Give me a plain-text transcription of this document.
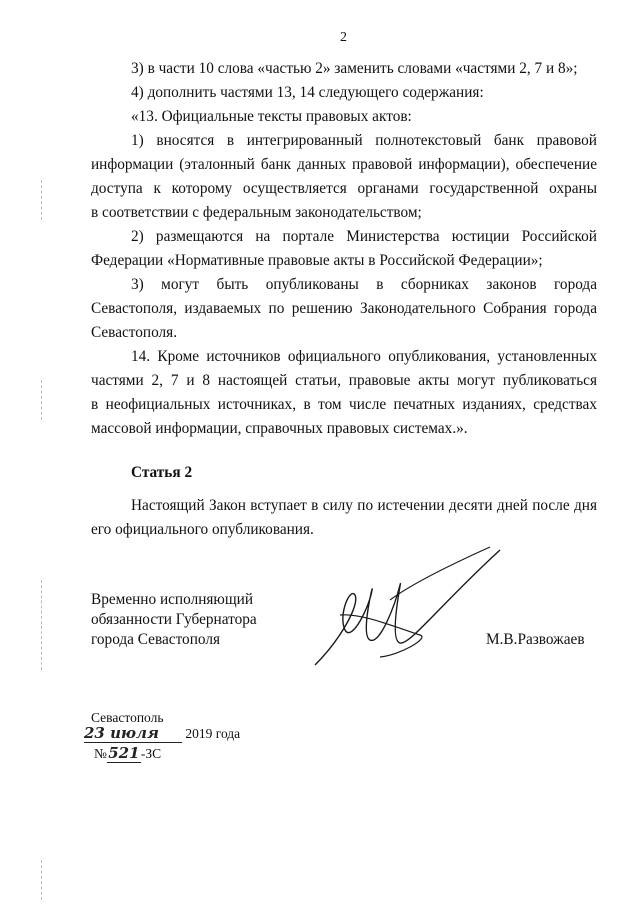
2
3) в части 10 слова «частью 2» заменить словами «частями 2, 7 и 8»;
4) дополнить частями 13, 14 следующего содержания:
«13. Официальные тексты правовых актов:
1) вносятся в интегрированный полнотекстовый банк правовой
информации (эталонный банк данных правовой информации), обеспечение
доступа к которому осуществляется органами государственной охраны
в соответствии с федеральным законодательством;
2) размещаются на портале Министерства юстиции Российской
Федерации «Нормативные правовые акты в Российской Федерации»;
3) могут быть опубликованы в сборниках законов города
Севастополя, издаваемых по решению Законодательного Собрания города
Севастополя.
14. Кроме источников официального опубликования, установленных
частями 2, 7 и 8 настоящей статьи, правовые акты могут публиковаться
в неофициальных источниках, в том числе печатных изданиях, средствах
массовой информации, справочных правовых системах.».
Статья 2
Настоящий Закон вступает в силу по истечении десяти дней после дня
его официального опубликования.
Временно исполняющий
обязанности Губернатора
города Севастополя	М.В.Развожаев
Севастополь
23 июля 2019 года
№521-ЗС
